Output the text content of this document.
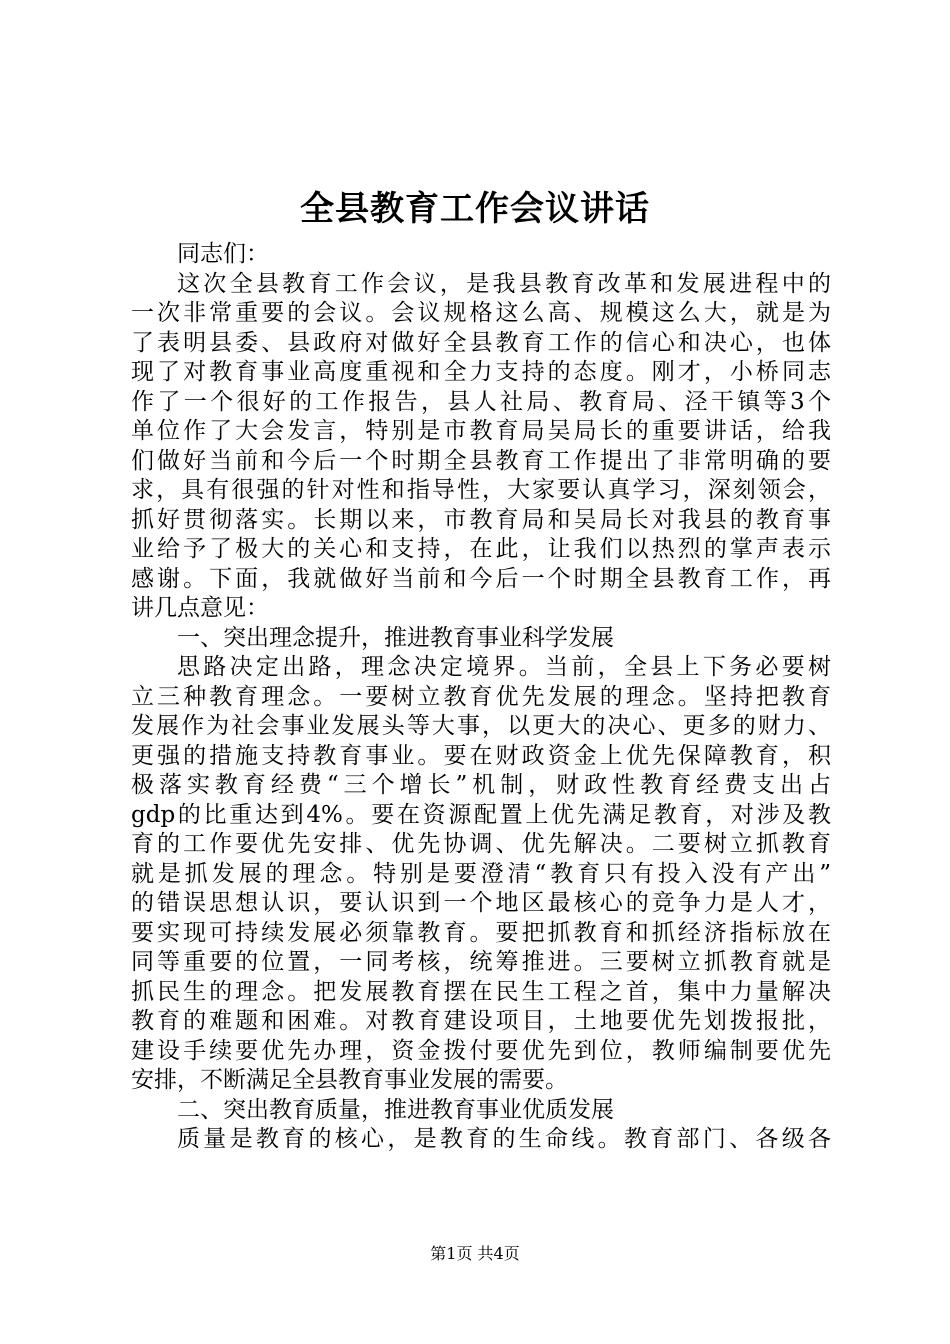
全县教育工作会议讲话
同志们：
这次全县教育工作会议，是我县教育改革和发展进程中的
一次非常重要的会议。会议规格这么高、规模这么大，就是为
了表明县委、县政府对做好全县教育工作的信心和决心，也体
现了对教育事业高度重视和全力支持的态度。刚才，小桥同志
作了一个很好的工作报告，县人社局、教育局、泾干镇等3个
单位作了大会发言，特别是市教育局吴局长的重要讲话，给我
们做好当前和今后一个时期全县教育工作提出了非常明确的要
求，具有很强的针对性和指导性，大家要认真学习，深刻领会，
抓好贯彻落实。长期以来，市教育局和吴局长对我县的教育事
业给予了极大的关心和支持，在此，让我们以热烈的掌声表示
感谢。下面，我就做好当前和今后一个时期全县教育工作，再
讲几点意见：
一、突出理念提升，推进教育事业科学发展
思路决定出路，理念决定境界。当前，全县上下务必要树
立三种教育理念。一要树立教育优先发展的理念。坚持把教育
发展作为社会事业发展头等大事，以更大的决心、更多的财力、
更强的措施支持教育事业。要在财政资金上优先保障教育，积
极落实教育经费“三个增长”机制，财政性教育经费支出占
gdp的比重达到4%。要在资源配置上优先满足教育，对涉及教
育的工作要优先安排、优先协调、优先解决。二要树立抓教育
就是抓发展的理念。特别是要澄清“教育只有投入没有产出”
的错误思想认识，要认识到一个地区最核心的竞争力是人才，
要实现可持续发展必须靠教育。要把抓教育和抓经济指标放在
同等重要的位置，一同考核，统筹推进。三要树立抓教育就是
抓民生的理念。把发展教育摆在民生工程之首，集中力量解决
教育的难题和困难。对教育建设项目，土地要优先划拨报批，
建设手续要优先办理，资金拨付要优先到位，教师编制要优先
安排，不断满足全县教育事业发展的需要。
二、突出教育质量，推进教育事业优质发展
质量是教育的核心，是教育的生命线。教育部门、各级各
第1页 共4页
